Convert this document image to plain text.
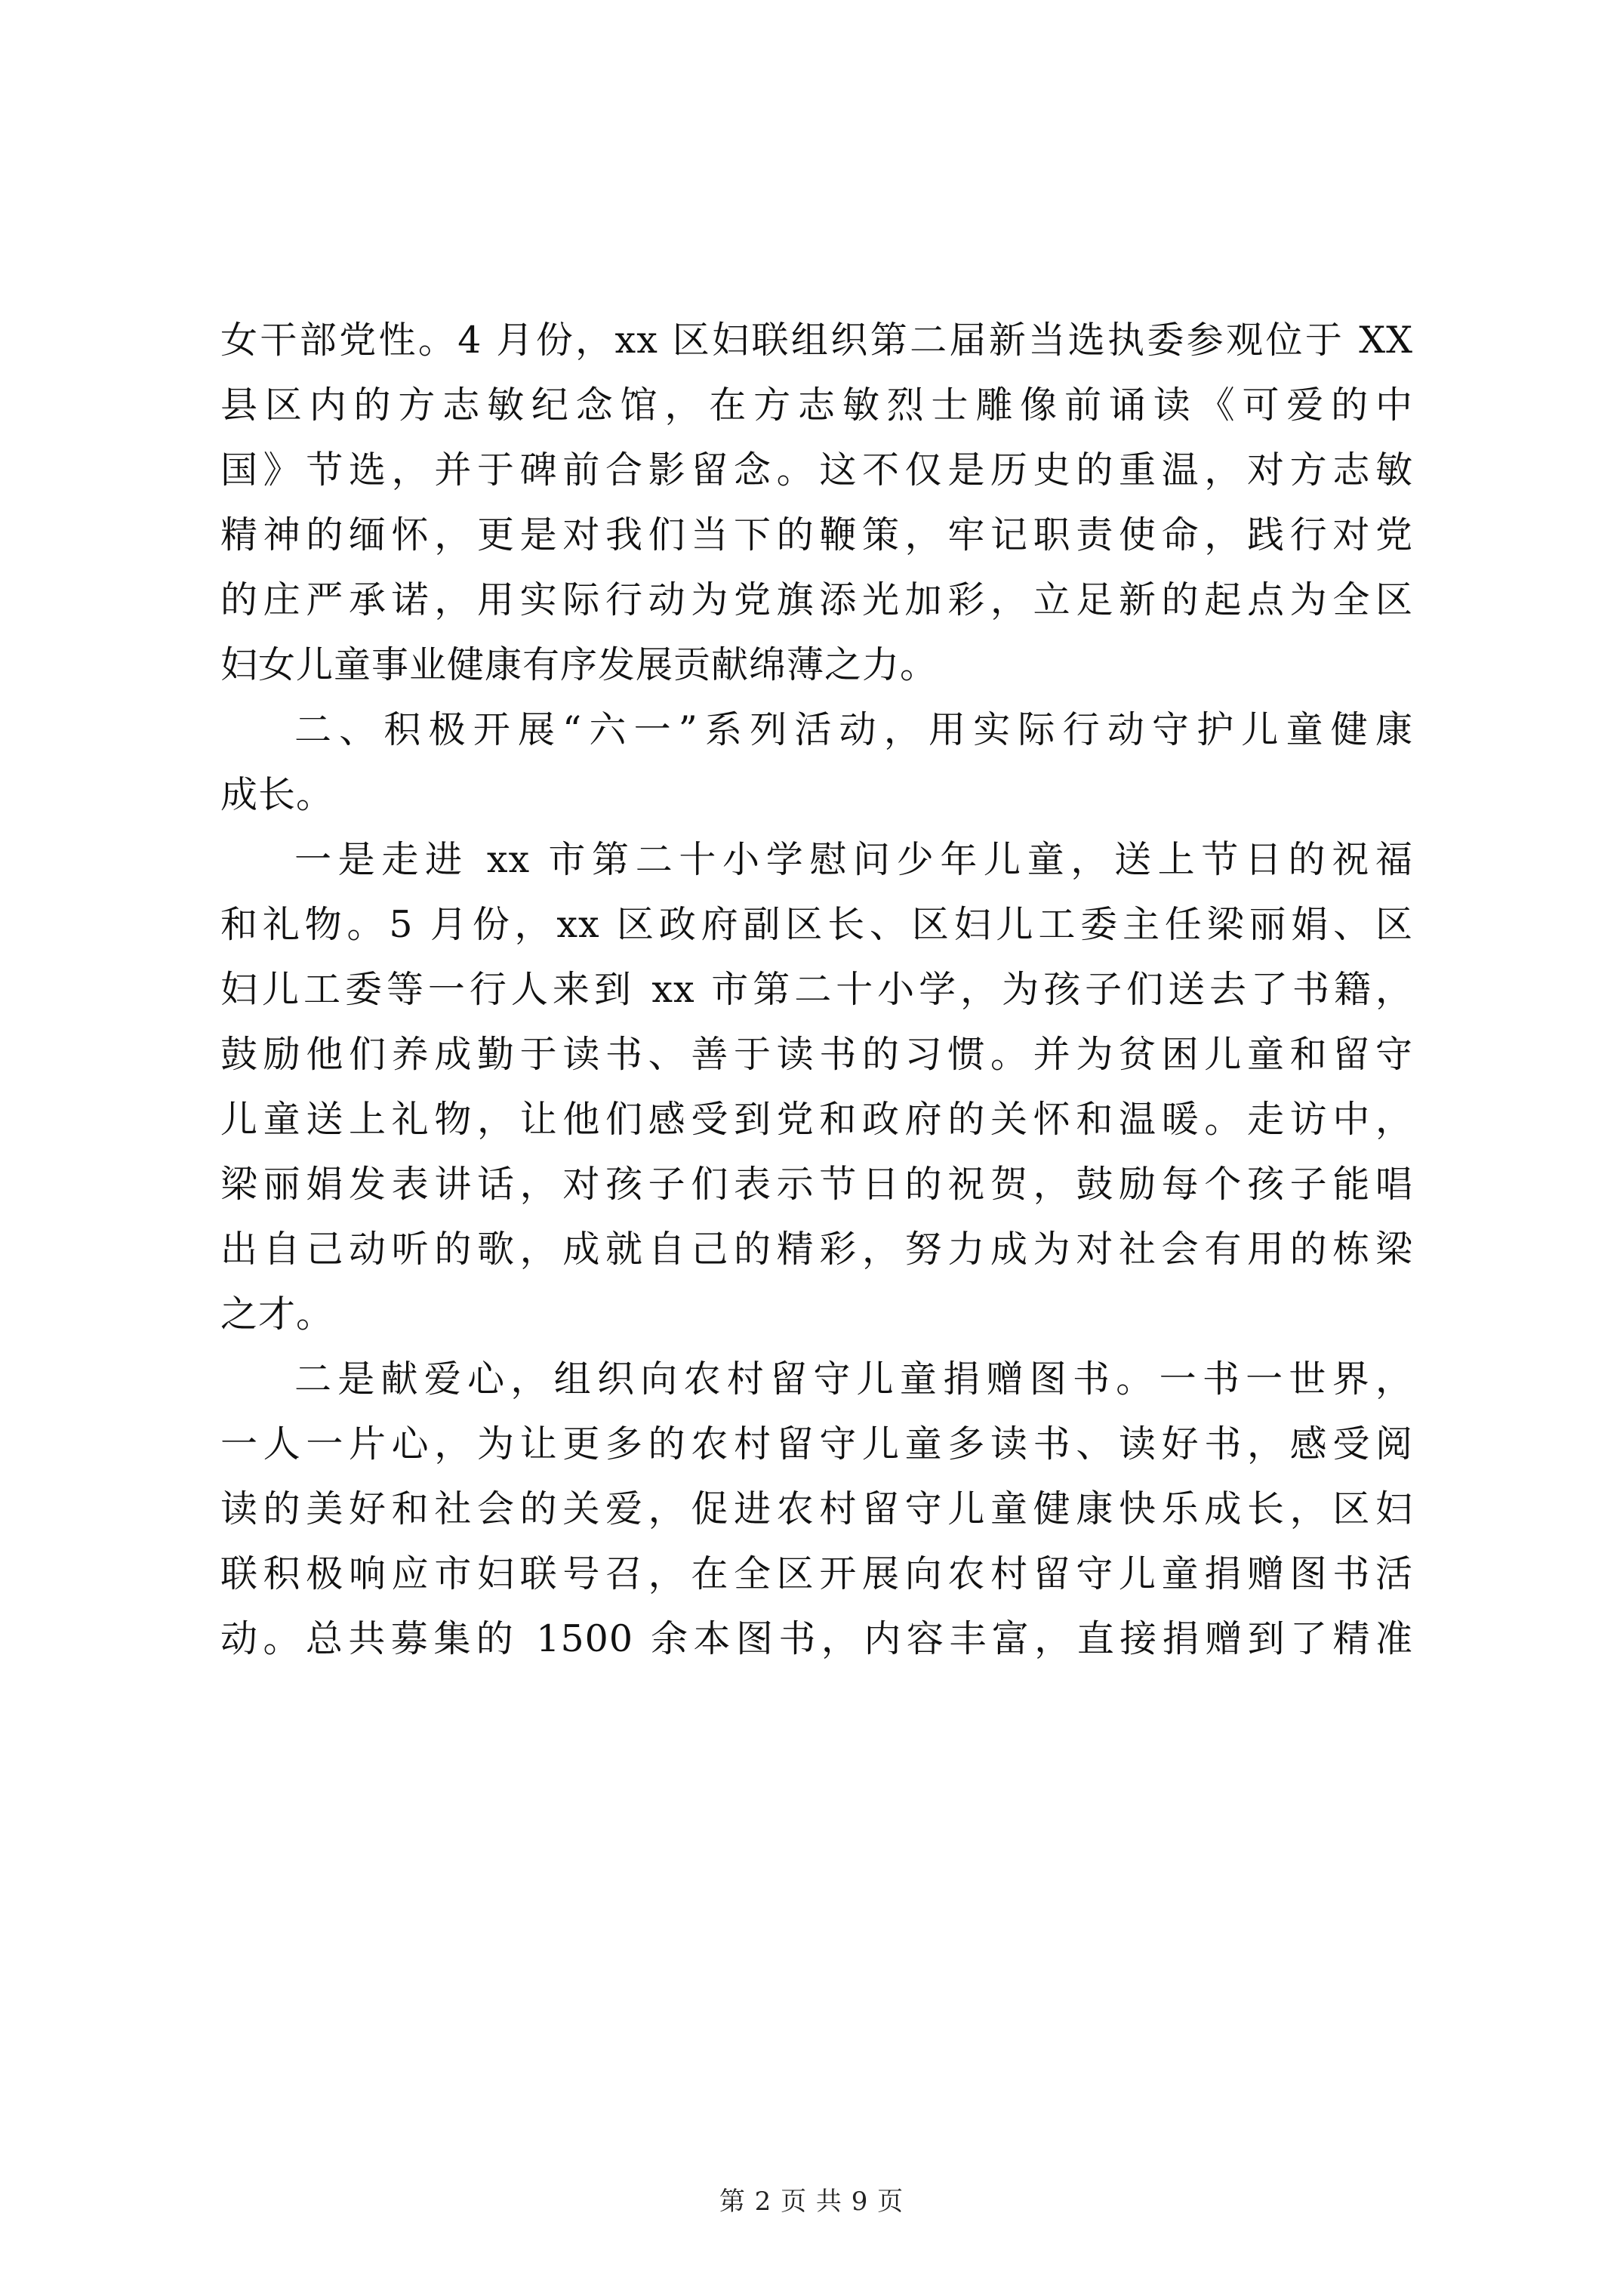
女干部党性。4 月份，xx 区妇联组织第二届新当选执委参观位于 XX
县区内的方志敏纪念馆，在方志敏烈士雕像前诵读《可爱的中
国》节选，并于碑前合影留念。这不仅是历史的重温，对方志敏
精神的缅怀，更是对我们当下的鞭策，牢记职责使命，践行对党
的庄严承诺，用实际行动为党旗添光加彩，立足新的起点为全区
妇女儿童事业健康有序发展贡献绵薄之力。
二、积极开展“六一”系列活动，用实际行动守护儿童健康
成长。
一是走进 xx 市第二十小学慰问少年儿童，送上节日的祝福
和礼物。5 月份，xx 区政府副区长、区妇儿工委主任梁丽娟、区
妇儿工委等一行人来到 xx 市第二十小学，为孩子们送去了书籍，
鼓励他们养成勤于读书、善于读书的习惯。并为贫困儿童和留守
儿童送上礼物，让他们感受到党和政府的关怀和温暖。走访中，
梁丽娟发表讲话，对孩子们表示节日的祝贺，鼓励每个孩子能唱
出自己动听的歌，成就自己的精彩，努力成为对社会有用的栋梁
之才。
二是献爱心，组织向农村留守儿童捐赠图书。一书一世界，
一人一片心，为让更多的农村留守儿童多读书、读好书，感受阅
读的美好和社会的关爱，促进农村留守儿童健康快乐成长，区妇
联积极响应市妇联号召，在全区开展向农村留守儿童捐赠图书活
动。总共募集的 1500 余本图书，内容丰富，直接捐赠到了精准
第 2 页 共 9 页
